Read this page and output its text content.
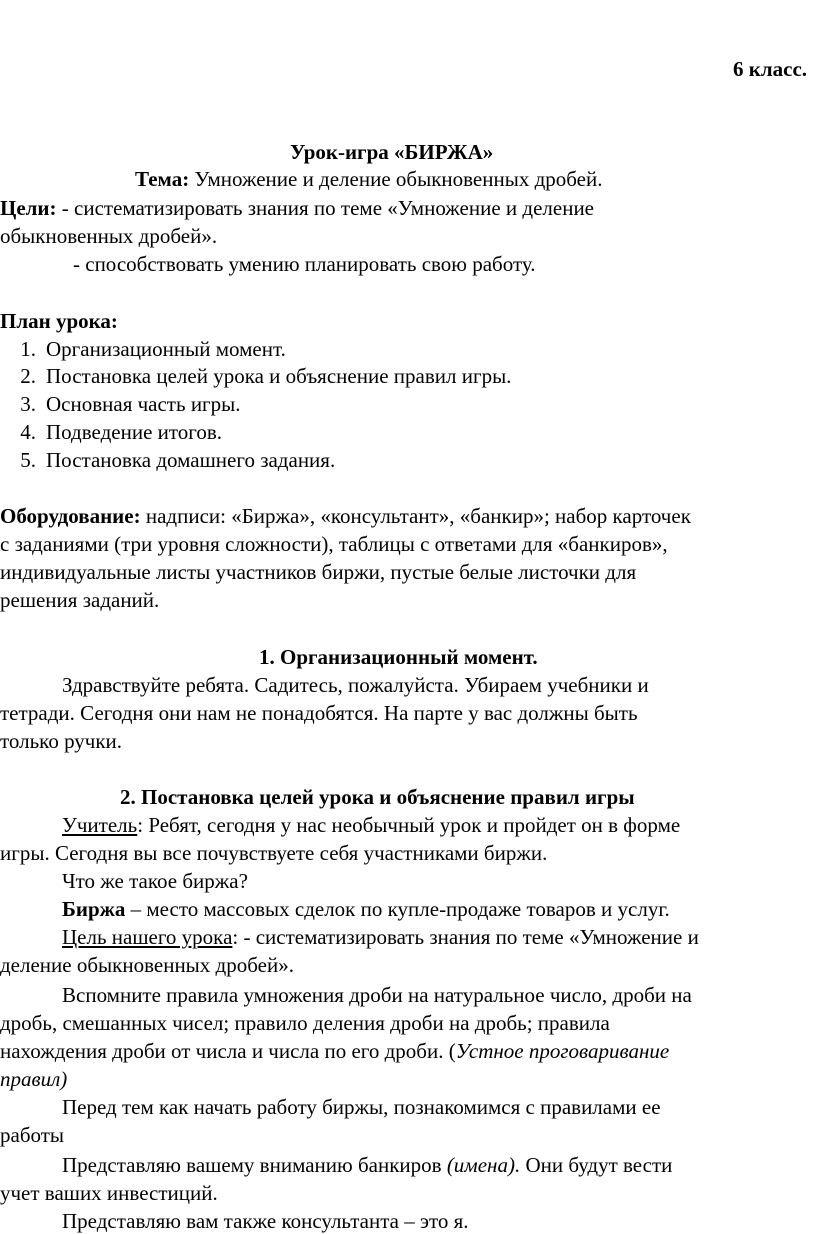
6 класс.
Урок-игра «БИРЖА»
Тема: Умножение и деление обыкновенных дробей.
Цели: - систематизировать знания по теме «Умножение и деление
обыкновенных дробей».
- способствовать умению планировать свою работу.
План урока:
1. Организационный момент.
2. Постановка целей урока и объяснение правил игры.
3. Основная часть игры.
4. Подведение итогов.
5. Постановка домашнего задания.
Оборудование: надписи: «Биржа», «консультант», «банкир»; набор карточек
с заданиями (три уровня сложности), таблицы с ответами для «банкиров»,
индивидуальные листы участников биржи, пустые белые листочки для
решения заданий.
1. Организационный момент.
Здравствуйте ребята. Садитесь, пожалуйста. Убираем учебники и
тетради. Сегодня они нам не понадобятся. На парте у вас должны быть
только ручки.
2. Постановка целей урока и объяснение правил игры
Учитель: Ребят, сегодня у нас необычный урок и пройдет он в форме
игры. Сегодня вы все почувствуете себя участниками биржи.
Что же такое биржа?
Биржа – место массовых сделок по купле-продаже товаров и услуг.
Цель нашего урока: - систематизировать знания по теме «Умножение и
деление обыкновенных дробей».
Вспомните правила умножения дроби на натуральное число, дроби на
дробь, смешанных чисел; правило деления дроби на дробь; правила
нахождения дроби от числа и числа по его дроби. (Устное проговаривание
правил)
Перед тем как начать работу биржы, познакомимся с правилами ее
работы
Представляю вашему вниманию банкиров (имена). Они будут вести
учет ваших инвестиций.
Представляю вам также консультанта – это я.
